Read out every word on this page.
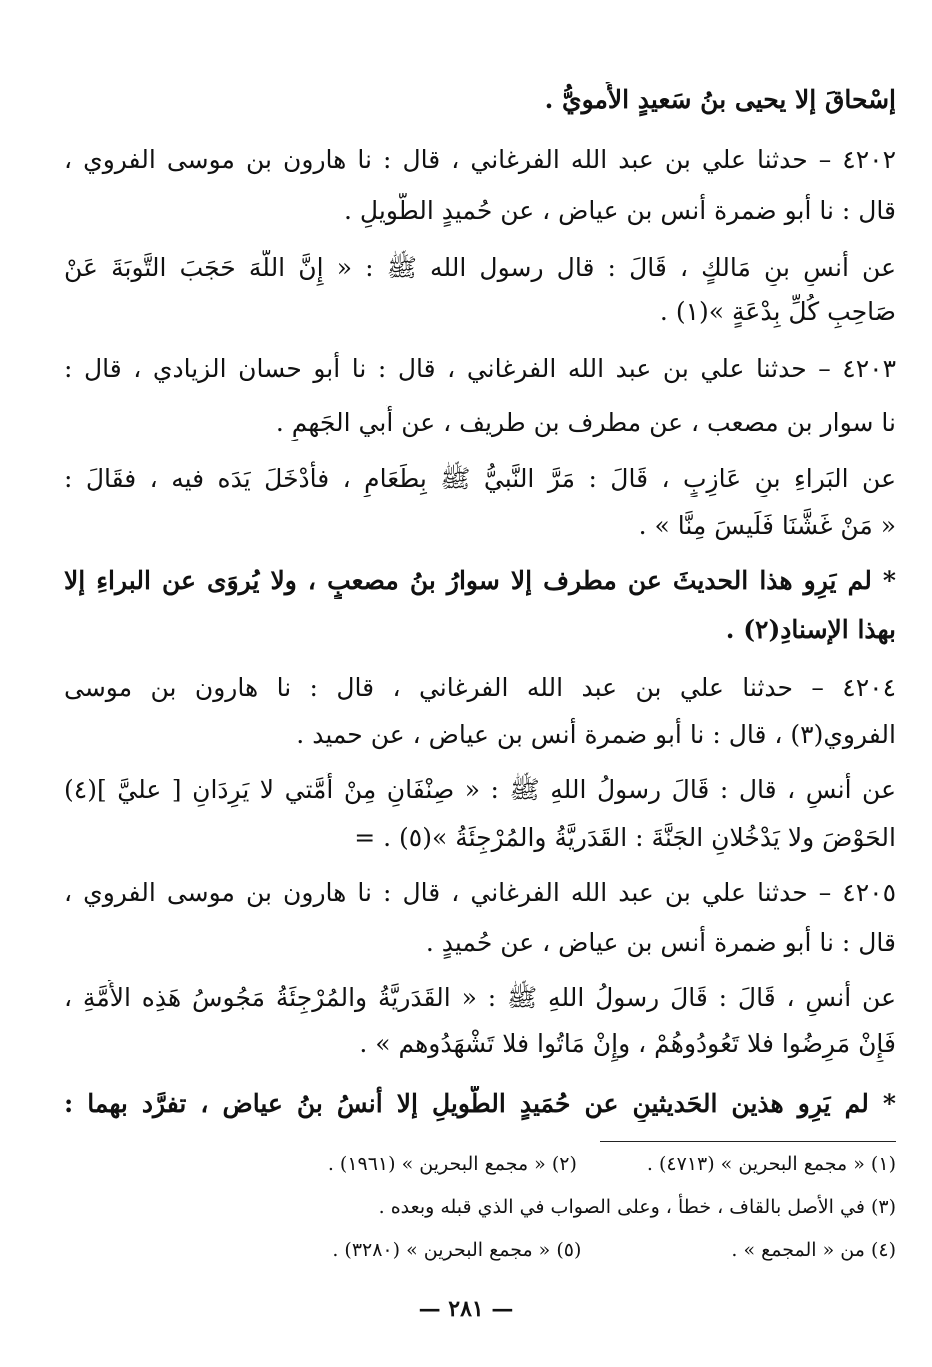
إسْحاقَ إلا يحيى بنُ سَعيدٍ الأُمويُّ .
٤٢٠٢ – حدثنا علي بن عبد الله الفرغاني ، قال : نا هارون بن موسى الفروي ،
قال : نا أبو ضمرة أنس بن عياض ، عن حُميدٍ الطَّويلِ .
عن أَنسِ بنِ مَالكٍ ، قَالَ : قال رسول الله ﷺ : « إِنَّ اللَّهَ حَجَبَ التَّوبَةَ عَنْ
صَاحِبِ كُلِّ بِدْعَةٍ »(١) .
٤٢٠٣ – حدثنا علي بن عبد الله الفرغاني ، قال : نا أبو حسان الزيادي ، قال :
نا سوار بن مصعب ، عن مطرف بن طريف ، عن أَبي الجَهمِ .
عن البَراءِ بنِ عَازِبٍ ، قَالَ : مَرَّ النَّبيُّ ﷺ بِطَعَامٍ ، فأَدْخَلَ يَدَه فيه ، فقَالَ :
« مَنْ غَشَّنَا فَلَيسَ مِنَّا » .
* لم يَرِو هذا الحديثَ عن مطرف إلا سوارُ بنُ مصعبٍ ، ولا يُروَى عن البراءِ إلا
بهذا الإسنادِ(٢) .
٤٢٠٤ – حدثنا علي بن عبد الله الفرغاني ، قال : نا هارون بن موسى
الفروي(٣) ، قال : نا أبو ضمرة أنس بن عياض ، عن حميد .
عن أَنسٍ ، قال : قَالَ رسولُ اللهِ ﷺ : « صِنْفَانِ مِنْ أُمَّتي لا يَرِدَانِ [ عليَّ ](٤)
الحَوْضَ ولا يَدْخُلانِ الجَنَّةَ : القَدَريَّةُ والمُرْجِئَةُ »(٥) . =
٤٢٠٥ – حدثنا علي بن عبد الله الفرغاني ، قال : نا هارون بن موسى الفروي ،
قال : نا أبو ضمرة أنس بن عياض ، عن حُميدٍ .
عن أَنسٍ ، قَالَ : قَالَ رسولُ اللهِ ﷺ : « القَدَريَّةُ والمُرْجِئَةُ مَجُوسُ هَذِه الأُمَّةِ ،
فَإِنْ مَرِضُوا فلا تَعُودُوهُمْ ، وإِنْ مَاتُوا فلا تَشْهَدُوهم » .
* لم يَرِو هذين الحَديثينِ عن حُمَيدٍ الطَّويلِ إلا أنسُ بنُ عياض ، تفرَّد بهما :
(١) « مجمع البحرين » (٤٧١٣) .(٢) « مجمع البحرين » (١٩٦١) .
(٣) في الأصل بالقاف ، خطأ ، وعلى الصواب في الذي قبله وبعده .
(٤) من « المجمع » .(٥) « مجمع البحرين » (٣٢٨٠) .
— ٢٨١ —
